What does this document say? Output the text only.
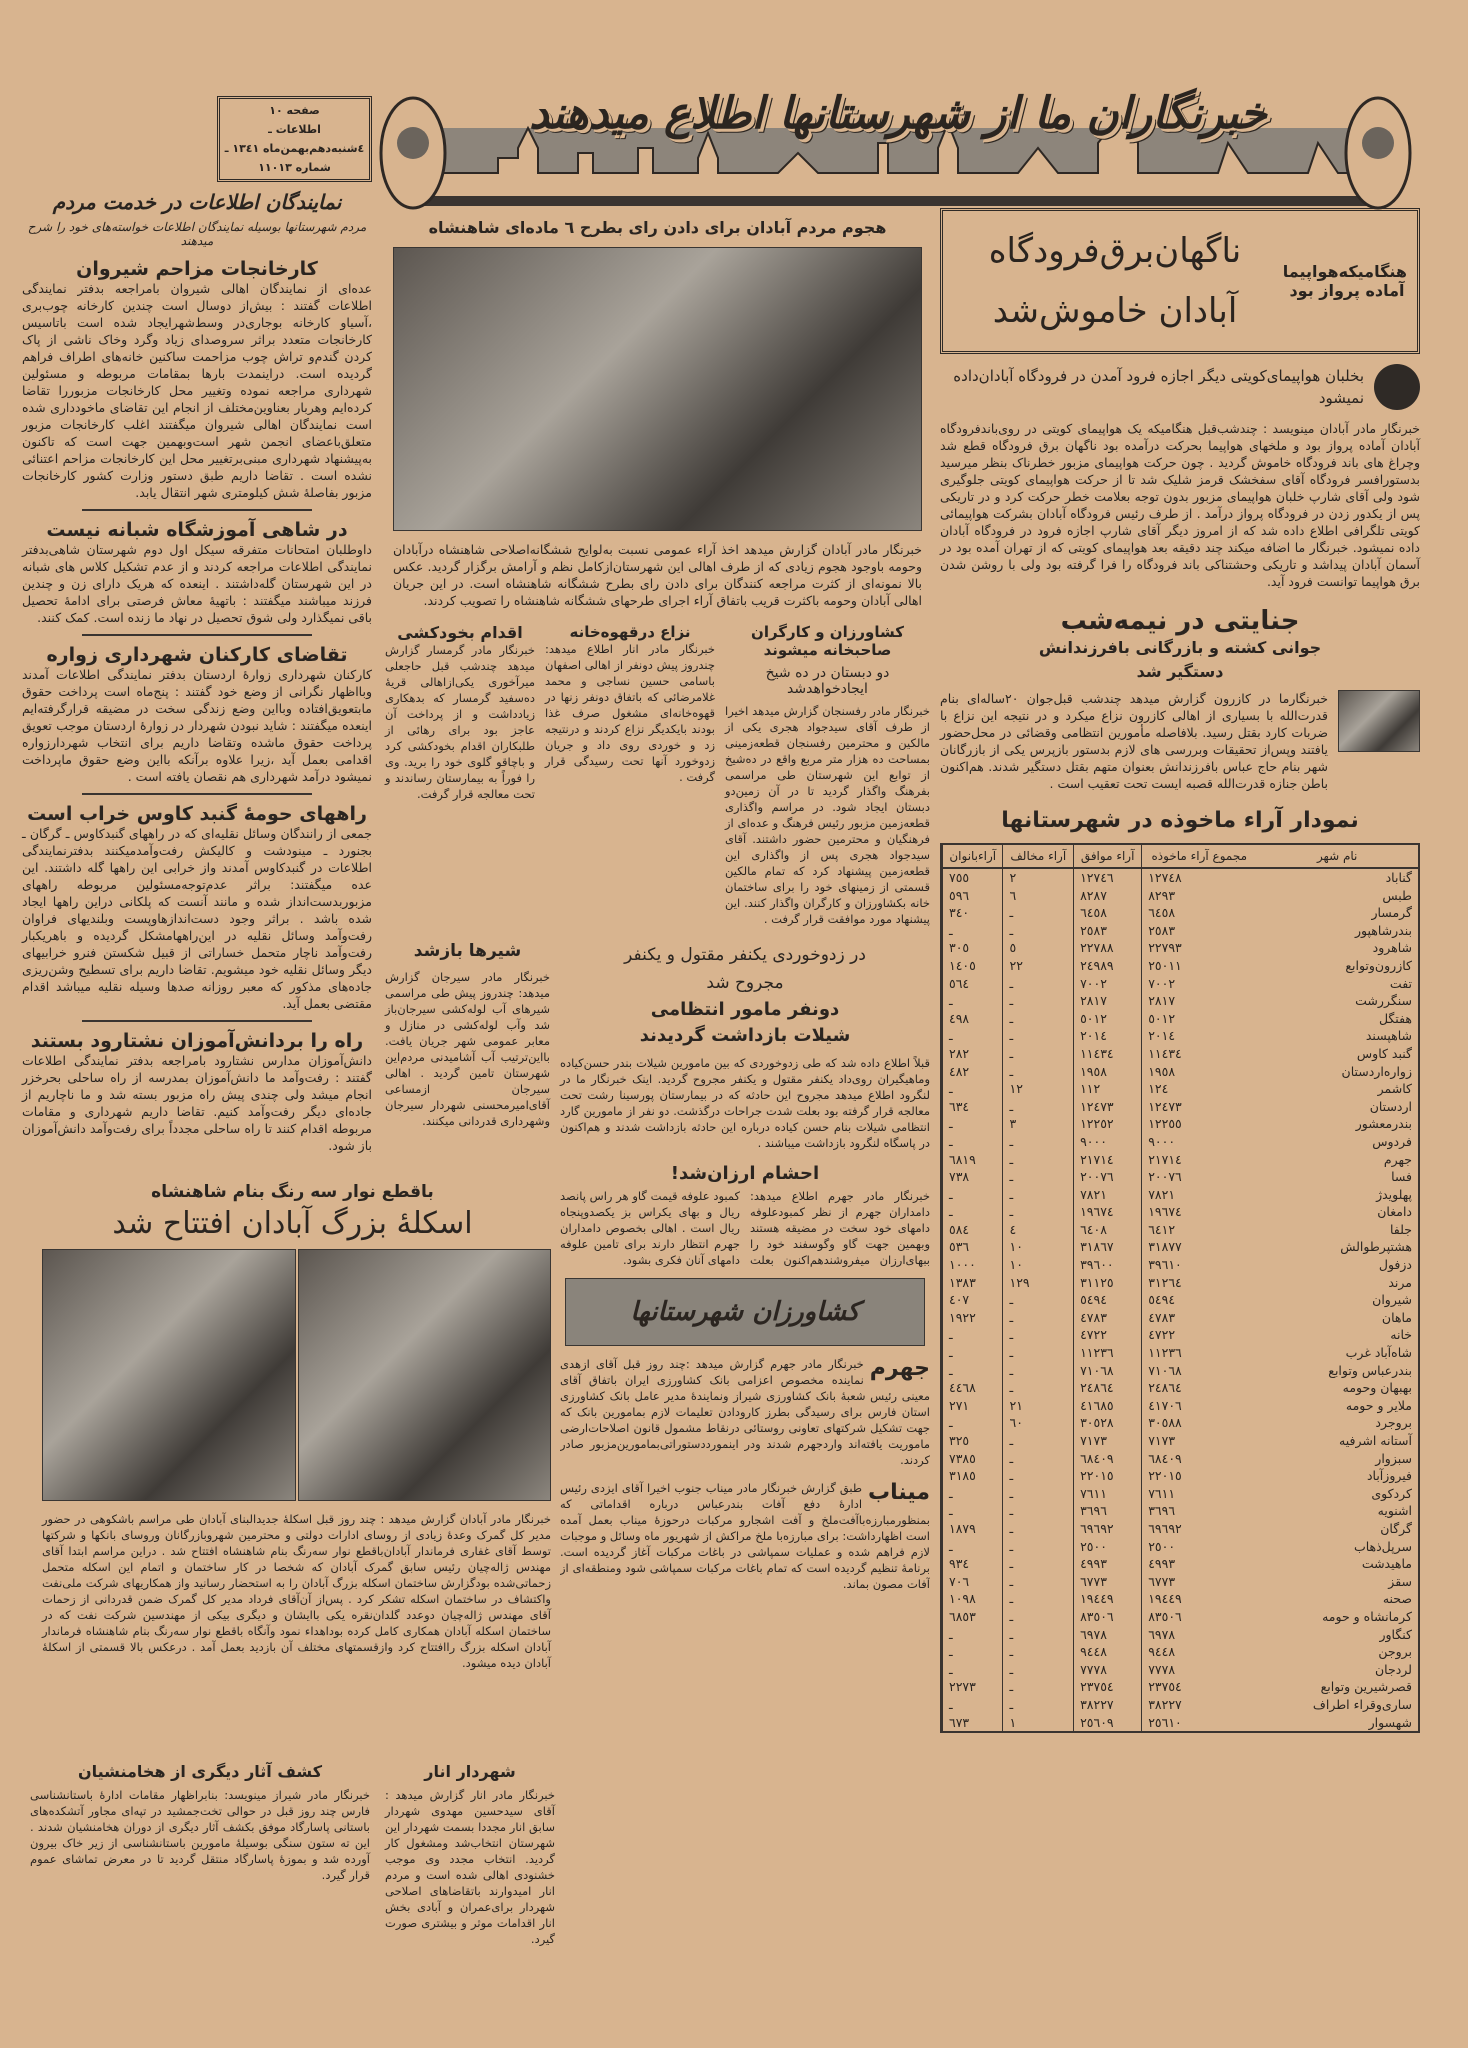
خبرنگاران ما از شهرستانها اطلاع میدهند
صفحه ١٠
اطلاعات ـ ٤شنبه‌دهم‌بهمن‌ماه ١٣٤١ ـ شماره ١١٠١٣
نمایندگان اطلاعات در خدمت مردم
مردم شهرستانها بوسیله نمایندگان اطلاعات خواسته‌های خود را شرح میدهند
کارخانجات مزاحم شیروان
عده‌ای از نمایندگان اهالی شیروان بامراجعه بدفتر نمایندگی اطلاعات گفتند : بیش‌از دوسال است چندین کارخانه چوب‌بری ،آسیاو کارخانه بوجاری‌در وسط‌شهرایجاد شده است باتاسیس کارخانجات متعدد براثر سروصدای زیاد وگرد وخاک ناشی از پاک کردن گندم‌و تراش چوب مزاحمت ساکنین خانه‌های اطراف فراهم گردیده است. دراینمدت بارها بمقامات مربوطه و مسئولین شهرداری مراجعه نموده وتغییر محل کارخانجات مزبوررا تقاضا کرده‌ایم وهربار بعناوین‌مختلف از انجام این تقاضای ماخودداری شده است نمایندگان اهالی شیروان میگفتند اغلب کارخانجات مزبور متعلق‌باعضای انجمن شهر است‌وبهمین جهت است که تاکنون به‌پیشنهاد شهرداری مبنی‌برتغییر محل این کارخانجات مزاحم اعتنائی نشده است . تقاضا داریم طبق دستور وزارت کشور کارخانجات مزبور بفاصلهٔ شش کیلومتری شهر انتقال یابد.
در شاهی آموزشگاه شبانه نیست
داوطلبان امتحانات متفرقه سیکل اول دوم شهرستان شاهی‌بدفتر نمایندگی اطلاعات مراجعه کردند و از عدم تشکیل کلاس های شبانه در این شهرستان گله‌داشتند . اینعده که هریک دارای زن و چندین فرزند میباشند میگفتند : باتهیهٔ معاش فرصتی برای ادامهٔ تحصیل باقی نمیگذارد ولی شوق تحصیل در نهاد ما زنده است. کمک کنند.
تقاضای کارکنان شهرداری زواره
کارکنان شهرداری زوارهٔ اردستان بدفتر نمایندگی اطلاعات آمدند وبااظهار نگرانی از وضع خود گفتند : پنج‌ماه است پرداخت حقوق مابتعویق‌افتاده وبااین وضع زندگی سخت در مضیقه قرارگرفته‌ایم اینعده میگفتند : شاید نبودن شهردار در زوارهٔ اردستان موجب تعویق پرداخت حقوق ماشده وتقاضا داریم برای انتخاب شهردارزواره اقدامی بعمل آید ،زیرا علاوه برآنکه بااین وضع حقوق ماپرداخت نمیشود درآمد شهرداری هم نقصان یافته است .
راههای حومهٔ گنبد کاوس خراب است
جمعی از رانندگان وسائل نقلیه‌ای که در راههای گنبدکاوس ـ گرگان ـ بجنورد ـ مینودشت و کالیکش رفت‌وآمدمیکنند بدفترنمایندگی اطلاعات در گنبدکاوس آمدند واز خرابی این راهها گله داشتند. این عده میگفتند: براثر عدم‌توجه‌مسئولین مربوطه راههای مزبوربدست‌انداز شده و مانند آنست که پلکانی دراین راهها ایجاد شده باشد . براثر وجود دست‌اندازهاوپست وبلندیهای فراوان رفت‌وآمد وسائل نقلیه در این‌راههامشکل گردیده و باهریکبار رفت‌وآمد ناچار متحمل خساراتی از قبیل شکستن فنرو خرابیهای دیگر وسائل نقلیه خود میشویم. تقاضا داریم برای تسطیح وشن‌ریزی جاده‌های مذکور که معبر روزانه صدها وسیله نقلیه میباشد اقدام مقتضی بعمل آید.
راه را بردانش‌آموزان نشتارود بستند
دانش‌آموزان مدارس نشتارود بامراجعه بدفتر نمایندگی اطلاعات گفتند : رفت‌وآمد ما دانش‌آموزان بمدرسه از راه ساحلی بحرخزر انجام میشد ولی چندی پیش راه مزبور بسته شد و ما ناچاریم از جاده‌ای دیگر رفت‌وآمد کنیم. تقاضا داریم شهرداری و مقامات مربوطه اقدام کنند تا راه ساحلی مجدداً برای رفت‌وآمد دانش‌آموزان باز شود.
هجوم مردم آبادان برای دادن رای بطرح ٦ ماده‌ای شاهنشاه
خبرنگار مادر آبادان گزارش میدهد اخذ آراء عمومی نسبت به‌لوایح ششگانه‌اصلاحی شاهنشاه درآبادان وحومه باوجود هجوم زیادی که از طرف اهالی این شهرستان‌ازکامل نظم و آرامش برگزار گردید. عکس بالا نمونه‌ای از کثرت مراجعه کنندگان برای دادن رای بطرح ششگانه شاهنشاه است. در این جریان اهالی آبادان وحومه باکثرت قریب باتفاق آراء اجرای طرحهای ششگانه شاهنشاه را تصویب کردند.
کشاورزان و کارگران صاحبخانه میشوند
دو دبستان در ده شیخ ایجادخواهدشد
خبرنگار مادر رفسنجان گزارش میدهد اخیرا از طرف آقای سیدجواد هجری یکی از مالکین و محترمین رفسنجان قطعه‌زمینی بمساحت ده هزار متر مربع واقع در ده‌شیخ از توابع این شهرستان طی مراسمی بفرهنگ واگذار گردید تا در آن زمین‌دو دبستان ایجاد شود. در مراسم واگذاری قطعه‌زمین مزبور رئیس فرهنگ و عده‌ای از فرهنگیان و محترمین حضور داشتند. آقای سیدجواد هجری پس از واگذاری این قطعه‌زمین پیشنهاد کرد که تمام مالکین قسمتی از زمینهای خود را برای ساختمان خانه بکشاورزان و کارگران واگذار کنند. این پیشنهاد مورد موافقت قرار گرفت .
نزاع درقهوه‌خانه
خبرنگار مادر انار اطلاع میدهد: چندروز پیش دونفر از اهالی اصفهان باسامی حسین نساجی و محمد غلامرضائی که باتفاق دونفر زنها در قهوه‌خانه‌ای مشغول صرف غذا بودند بایکدیگر نزاع کردند و درنتیجه زد و خوردی روی داد و جریان زدوخورد آنها تحت رسیدگی قرار گرفت .
اقدام بخودکشی
خبرنگار مادر گرمسار گزارش میدهد چندشب قبل حاجعلی میرآخوری یکی‌ازاهالی قریهٔ ده‌سفید گرمسار که بدهکاری زیادداشت و از پرداخت آن عاجز بود برای رهائی از طلبکاران اقدام بخودکشی کرد و باچاقو گلوی خود را برید. وی را فوراً به بیمارستان رساندند و تحت معالجه قرار گرفت.
در زدوخوردی یکنفر مقتول و یکنفر مجروح شد
دونفر مامور انتظامی شیلات بازداشت گردیدند
قبلاً اطلاع داده شد که طی زدوخوردی که بین مامورین شیلات بندر حسن‌کیاده وماهیگیران روی‌داد یکنفر مقتول و یکنفر مجروح گردید. اینک خبرنگار ما در لنگرود اطلاع میدهد مجروح این حادثه که در بیمارستان پورسینا رشت تحت معالجه قرار گرفته بود بعلت شدت جراحات درگذشت. دو نفر از مامورین گارد انتظامی شیلات بنام حسن کیاده درباره این حادثه بازداشت شدند و هم‌اکنون در پاسگاه لنگرود بازداشت میباشند .
احشام ارزان‌شد!
خبرنگار مادر جهرم اطلاع میدهد: دامداران جهرم از نظر کمبودعلوفه دامهای خود سخت در مضیقه هستند وبهمین جهت گاو وگوسفند خود را ببهای‌ارزان میفروشند‌هم‌اکنون بعلت کمبود علوفه قیمت گاو هر راس پانصد ریال و بهای یکراس بز یکصدوپنجاه ریال است . اهالی بخصوص دامداران جهرم انتظار دارند برای تامین علوفه دامهای آنان فکری بشود.
کشاورزان شهرستانها
جهرم
خبرنگار مادر جهرم گزارش میدهد :چند روز قبل آقای ازهدی نماینده مخصوص اعزامی بانک کشاورزی ایران باتفاق آقای معینی رئیس شعبهٔ بانک کشاورزی شیراز ونمایندهٔ مدیر عامل بانک کشاورزی استان فارس برای رسیدگی بطرز کارودادن تعلیمات لازم بمامورین بانک که جهت تشکیل شرکتهای تعاونی روستائی درنقاط مشمول قانون اصلاحات‌ارضی ماموریت یافته‌اند واردجهرم شدند ودر اینمورددستوراتی‌بمامورین‌مزبور صادر کردند.
میناب
طبق گزارش خبرنگار مادر میناب جنوب اخیرا آقای ایزدی رئیس ادارهٔ دفع آفات بندرعباس درباره اقداماتی که بمنظورمبارزه‌باآفت‌ملخ و آفت اشجارو مرکبات درحوزهٔ میناب بعمل آمده است اظهارداشت: برای مبارزه‌با ملخ مراکش از شهریور ماه وسائل و موجبات لازم فراهم شده و عملیات سمپاشی در باغات مرکبات آغاز گردیده است. برنامهٔ تنظیم گردیده است که تمام باغات مرکبات سمپاشی شود ومنطقه‌ای از آفات مصون بماند.
شیرها بازشد
خبرنگار مادر سیرجان گزارش میدهد: چندروز پیش طی مراسمی شیرهای آب لوله‌کشی سیرجان‌باز شد وآب لوله‌کشی در منازل و معابر عمومی شهر جریان یافت. بااین‌ترتیب آب آشامیدنی مردم‌این شهرستان تامین گردید . اهالی سیرجان ازمساعی آقای‌امیرمحسنی شهردار سیرجان وشهرداری قدردانی میکنند.
هنگامیکه‌هواپیما آماده پرواز بود
ناگهان‌برق‌فرودگاه آبادان خاموش‌شد
بخلبان هواپیمای‌کویتی دیگر اجازه فرود آمدن در فرودگاه آبادان‌داده نمیشود
خبرنگار مادر آبادان مینویسد : چندشب‌قبل هنگامیکه یک هواپیمای کویتی در روی‌باندفرودگاه آبادان آماده پرواز بود و ملخهای هواپیما بحرکت درآمده بود ناگهان برق فرودگاه قطع شد وچراغ های باند فرودگاه خاموش گردید . چون حرکت هواپیمای مزبور خطرناک بنظر میرسید بدستورافسر فرودگاه آقای سفخشک قرمز شلیک شد تا از حرکت هواپیمای کویتی جلوگیری شود ولی آقای شارپ خلبان هواپیمای مزبور بدون توجه بعلامت خطر حرکت کرد و در تاریکی پس از یکدور زدن در فرودگاه پرواز درآمد . از طرف رئیس فرودگاه آبادان بشرکت هواپیمائی کویتی تلگرافی اطلاع داده شد که از امروز دیگر آقای شارپ اجازه فرود در فرودگاه آبادان داده نمیشود. خبرنگار ما اضافه میکند چند دقیقه بعد هواپیمای کویتی که از تهران آمده بود در آسمان آبادان پیداشد و تاریکی وحشتناکی باند فرودگاه را فرا گرفته بود ولی با روشن شدن برق هواپیما توانست فرود آید.
جنایتی در نیمه‌شب
جوانی کشته و بازرگانی بافرزندانش دستگیر شد
خبرنگارما در کازرون گزارش میدهد چندشب قبل‌جوان ٢٠ساله‌ای بنام قدرت‌الله با بسیاری از اهالی کازرون نزاع میکرد و در نتیجه این نزاع با ضربات کارد بقتل رسید. بلافاصله مأمورین انتظامی وقضائی در محل‌حضور یافتند وپس‌از تحقیقات وبررسی های لازم بدستور بازپرس یکی از بازرگانان شهر بنام حاج عباس بافرزندانش بعنوان متهم بقتل دستگیر شدند. هم‌اکنون باطن جنازه قدرت‌الله قصبه ایست تحت تعقیب است .
نمودار آراء ماخوذه در شهرستانها
نام شهر	مجموع آراء ماخوذه	آراء موافق	آراء مخالف	آراءبانوان
گناباد	١٢٧٤٨	١٢٧٤٦	٢	٧٥٥
طبس	٨٢٩٣	٨٢٨٧	٦	٥٩٦
گرمسار	٦٤٥٨	٦٤٥٨	ـ	٣٤٠
بندرشاهپور	٢٥٨٣	٢٥٨٣	ـ	ـ
شاهرود	٢٢٧٩٣	٢٢٧٨٨	٥	٣٠٥
کازرون‌وتوابع	٢٥٠١١	٢٤٩٨٩	٢٢	١٤٠٥
تفت	٧٠٠٢	٧٠٠٢	ـ	٥٦٤
سنگررشت	٢٨١٧	٢٨١٧	ـ	ـ
هفتگل	٥٠١٢	٥٠١٢	ـ	٤٩٨
شاهپسند	٢٠١٤	٢٠١٤	ـ	ـ
گنبد کاوس	١١٤٣٤	١١٤٣٤	ـ	٢٨٢
زواره‌اردستان	١٩٥٨	١٩٥٨	ـ	٤٨٢
کاشمر	١٢٤	١١٢	١٢	ـ
اردستان	١٢٤٧٣	١٢٤٧٣	ـ	٦٣٤
بندرمعشور	١٢٢٥٥	١٢٢٥٢	٣	ـ
فردوس	٩٠٠٠	٩٠٠٠	ـ	ـ
جهرم	٢١٧١٤	٢١٧١٤	ـ	٦٨١٩
فسا	٢٠٠٧٦	٢٠٠٧٦	ـ	٧٣٨
پهلویدژ	٧٨٢١	٧٨٢١	ـ	ـ
دامغان	١٩٦٧٤	١٩٦٧٤	ـ	ـ
جلفا	٦٤١٢	٦٤٠٨	٤	٥٨٤
هشتپرطوالش	٣١٨٧٧	٣١٨٦٧	١٠	٥٣٦
دزفول	٣٩٦١٠	٣٩٦٠٠	١٠	١٠٠٠
مرند	٣١٢٦٤	٣١١٢٥	١٢٩	١٣٨٣
شیروان	٥٤٩٤	٥٤٩٤	ـ	٤٠٧
ماهان	٤٧٨٣	٤٧٨٣	ـ	١٩٢٢
خانه	٤٧٢٢	٤٧٢٢	ـ	ـ
شاه‌آباد غرب	١١٢٣٦	١١٢٣٦	ـ	ـ
بندرعباس وتوابع	٧١٠٦٨	٧١٠٦٨	ـ	ـ
بهبهان وحومه	٢٤٨٦٤	٢٤٨٦٤	ـ	٤٤٦٨
ملایر و حومه	٤١٧٠٦	٤١٦٨٥	٢١	٢٧١
بروجرد	٣٠٥٨٨	٣٠٥٢٨	٦٠	ـ
آستانه اشرفیه	٧١٧٣	٧١٧٣	ـ	٣٢٥
سبزوار	٦٨٤٠٩	٦٨٤٠٩	ـ	٧٣٨٥
فیروزآباد	٢٢٠١٥	٢٢٠١٥	ـ	٣١٨٥
کردکوی	٧٦١١	٧٦١١	ـ	ـ
اشنویه	٣٦٩٦	٣٦٩٦	ـ	ـ
گرگان	٦٩٦٩٢	٦٩٦٩٢	ـ	١٨٧٩
سرپل‌ذهاب	٢٥٠٠	٢٥٠٠	ـ	ـ
ماهیدشت	٤٩٩٣	٤٩٩٣	ـ	٩٣٤
سقز	٦٧٧٣	٦٧٧٣	ـ	٧٠٦
صحنه	١٩٤٤٩	١٩٤٤٩	ـ	١٠٩٨
کرمانشاه و حومه	٨٣٥٠٦	٨٣٥٠٦	ـ	٦٨٥٣
کنگاور	٦٩٧٨	٦٩٧٨	ـ	ـ
بروجن	٩٤٤٨	٩٤٤٨	ـ	ـ
لردجان	٧٧٧٨	٧٧٧٨	ـ	ـ
قصرشیرین وتوابع	٢٣٧٥٤	٢٣٧٥٤	ـ	٢٢٧٣
ساری‌وقراء اطراف	٣٨٢٢٧	٣٨٢٢٧	ـ	ـ
شهسوار	٢٥٦١٠	٢٥٦٠٩	١	٦٧٣
باقطع نوار سه رنگ بنام شاهنشاه
اسکلهٔ بزرگ آبادان افتتاح شد
خبرنگار مادر آبادان گزارش میدهد : چند روز قبل اسکلهٔ جدیدالبنای آبادان طی مراسم باشکوهی در حضور مدیر کل گمرک وعدهٔ زیادی از روسای ادارات دولتی و محترمین شهروبازرگانان وروسای بانکها و شرکتها توسط آقای غفاری فرماندار آبادان‌باقطع نوار سه‌رنگ بنام شاهنشاه افتتاح شد . دراین مراسم ابتدا آقای مهندس ژاله‌چیان رئیس سابق گمرک آبادان که شخصا در کار ساختمان و اتمام این اسکله متحمل زحماتی‌شده بودگزارش ساختمان اسکله بزرگ آبادان را به استحضار رسانید واز همکاریهای شرکت ملی‌نفت واکتشاف در ساختمان اسکله تشکر کرد . پس‌از آن‌آقای فرداد مدیر کل گمرک ضمن قدردانی از زحمات آقای مهندس ژاله‌چیان دوعدد گلدان‌نقره یکی باایشان و دیگری بیکی از مهندسین شرکت نفت که در ساختمان اسکله آبادان همکاری کامل کرده بوداهداء نمود وآنگاه باقطع نوار سه‌رنگ بنام شاهنشاه فرماندار آبادان اسکله بزرگ راافتتاح کرد وازقسمتهای مختلف آن بازدید بعمل آمد . درعکس بالا قسمتی از اسکلهٔ آبادان دیده میشود.
کشف آثار دیگری از هخامنشیان
خبرنگار مادر شیراز مینویسد: بنابراظهار مقامات ادارهٔ باستانشناسی فارس چند روز قبل در حوالی تخت‌جمشید در تپه‌ای مجاور آتشکده‌های باستانی پاسارگاد موفق بکشف آثار دیگری از دوران هخامنشیان شدند . این ته ستون سنگی بوسیلهٔ مامورین باستانشناسی از زیر خاک بیرون آورده شد و بموزهٔ پاسارگاد منتقل گردید تا در معرض تماشای عموم قرار گیرد.
شهردار انار
خبرنگار مادر انار گزارش میدهد : آقای سیدحسین مهدوی شهردار سابق انار مجددا بسمت شهردار این شهرستان انتخاب‌شد ومشغول کار گردید. انتخاب مجدد وی موجب خشنودی اهالی شده است و مردم انار امیدوارند باتقاضاهای اصلاحی شهردار برای‌عمران و آبادی بخش انار اقدامات موثر و بیشتری صورت گیرد.
